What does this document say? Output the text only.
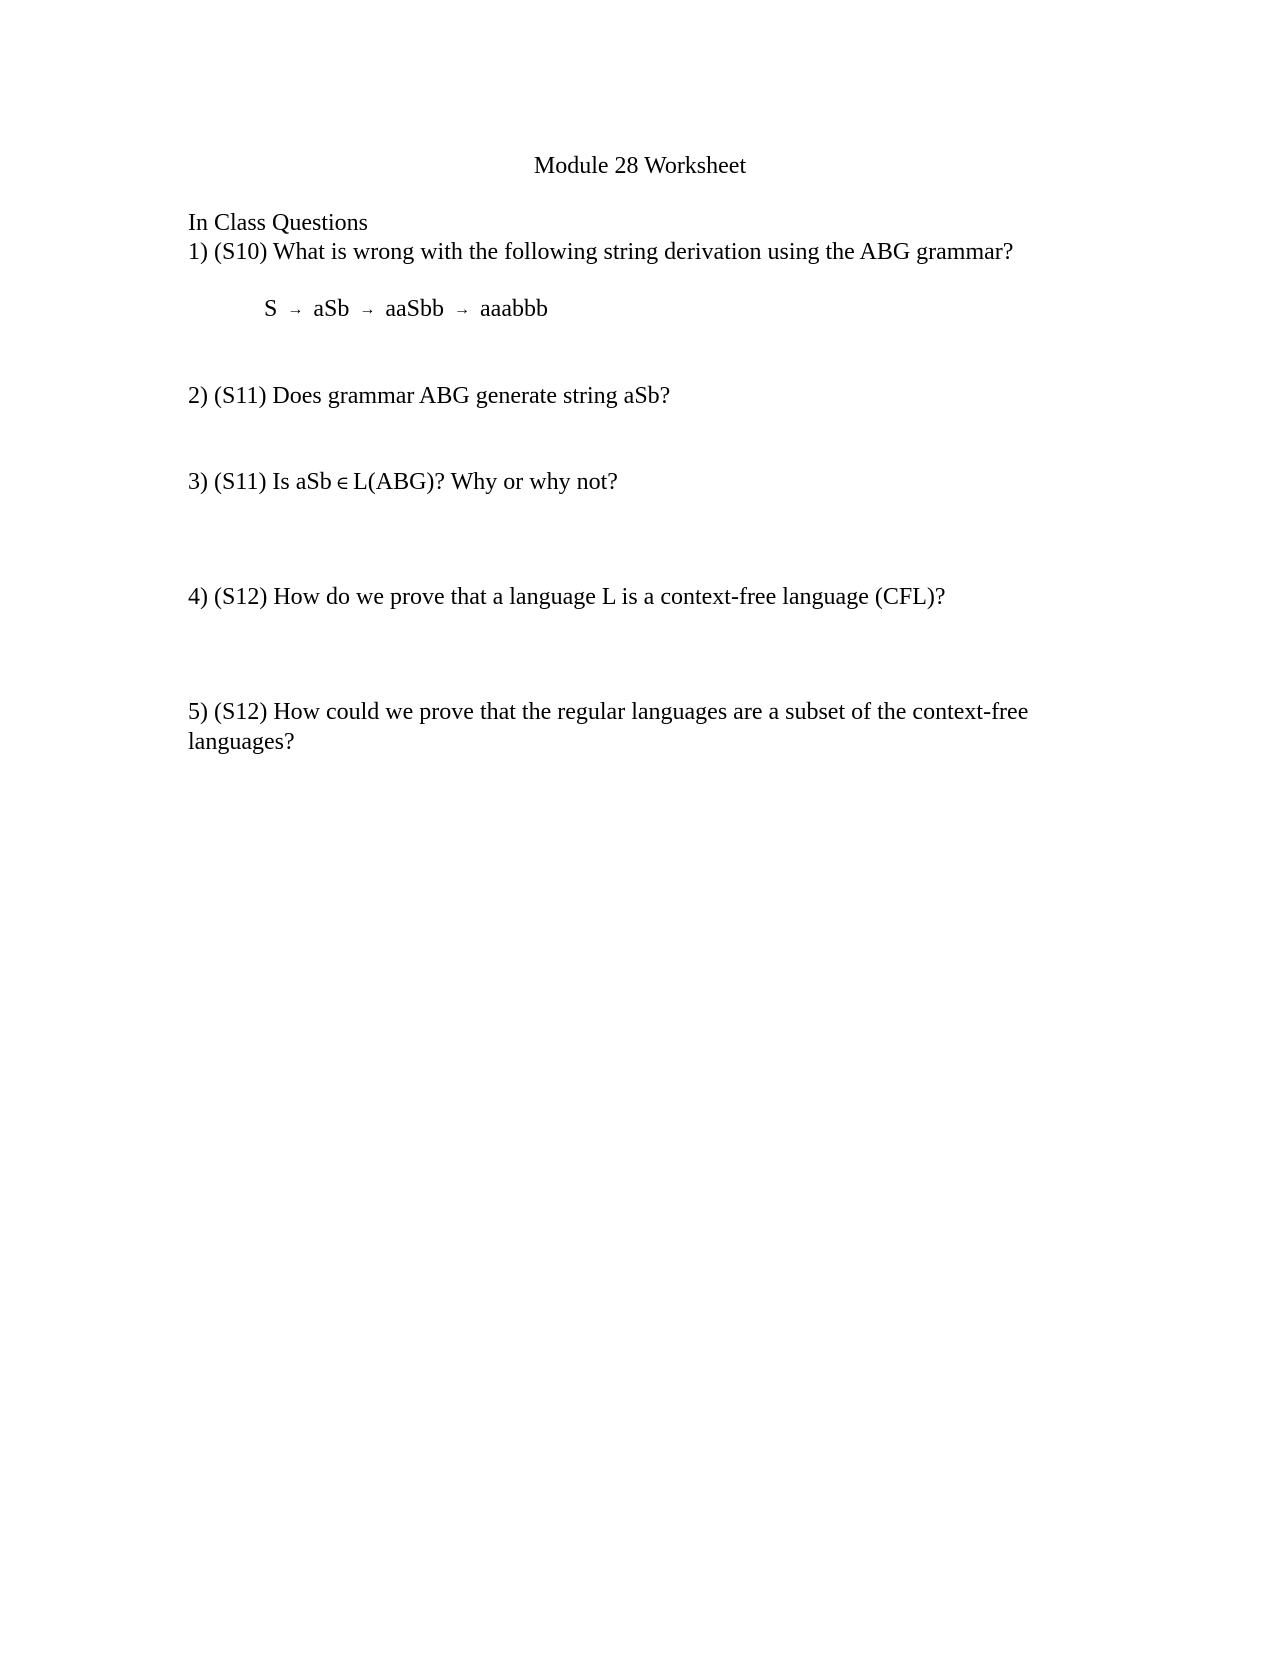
Module 28 Worksheet
In Class Questions
1) (S10) What is wrong with the following string derivation using the ABG grammar?
S → aSb → aaSbb → aaabbb
2) (S11) Does grammar ABG generate string aSb?
3) (S11) Is aSb ∈ L(ABG)? Why or why not?
4) (S12) How do we prove that a language L is a context-free language (CFL)?
5) (S12) How could we prove that the regular languages are a subset of the context-free languages?
